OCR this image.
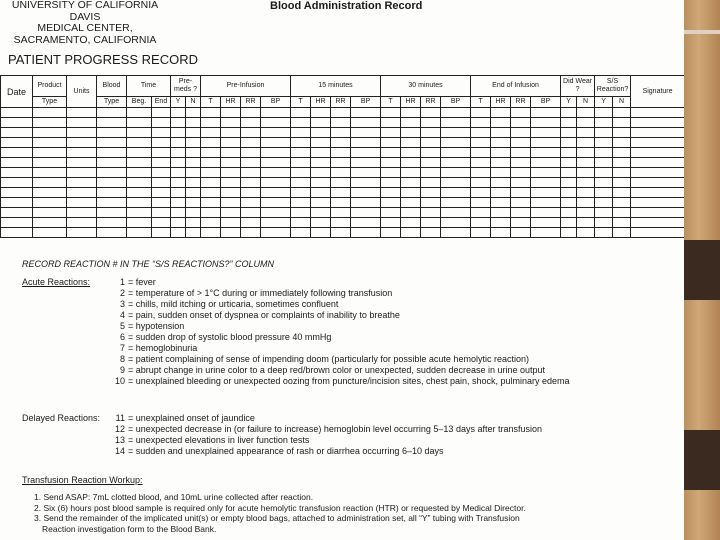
UNIVERSITY OF CALIFORNIA DAVIS
MEDICAL CENTER,
SACRAMENTO, CALIFORNIA
Blood Administration Record
PATIENT PROGRESS RECORD
Date	Product	Units	Blood	Time		Pre- meds ?		Pre-Infusion				15 minutes				30 minutes				End of Infusion				Did Wear ?		S/S Reaction?		Signature
	Type		Type	Beg.	End	Y	N	T	HR	RR	BP	T	HR	RR	BP	T	HR	RR	BP	T	HR	RR	BP	Y	N	Y	N	

RECORD REACTION # IN THE “S/S REACTIONS?” COLUMN
Acute Reactions:	1 = fever
2 = temperature of > 1°C during or immediately following transfusion
3 = chills, mild itching or urticaria, sometimes confluent
4 = pain, sudden onset of dyspnea or complaints of inability to breathe
5 = hypotension
6 = sudden drop of systolic blood pressure 40 mmHg
7 = hemoglobinuria
8 = patient complaining of sense of impending doom (particularly for possible acute hemolytic reaction)
9 = abrupt change in urine color to a deep red/brown color or unexpected, sudden decrease in urine output
10 = unexplained bleeding or unexpected oozing from puncture/incision sites, chest pain, shock, pulminary edema
Delayed Reactions:	11 = unexplained onset of jaundice
12 = unexpected decrease in (or failure to increase) hemoglobin level occurring 5–13 days after transfusion
13 = unexpected elevations in liver function tests
14 = sudden and unexplained appearance of rash or diarrhea occurring 6–10 days
Transfusion Reaction Workup:
1. Send ASAP: 7mL clotted blood, and 10mL urine collected after reaction.
2. Six (6) hours post blood sample is required only for acute hemolytic transfusion reaction (HTR) or requested by Medical Director.
3. Send the remainder of the implicated unit(s) or empty blood bags, attached to administration set, all “Y” tubing with Transfusion
Reaction investigation form to the Blood Bank.
